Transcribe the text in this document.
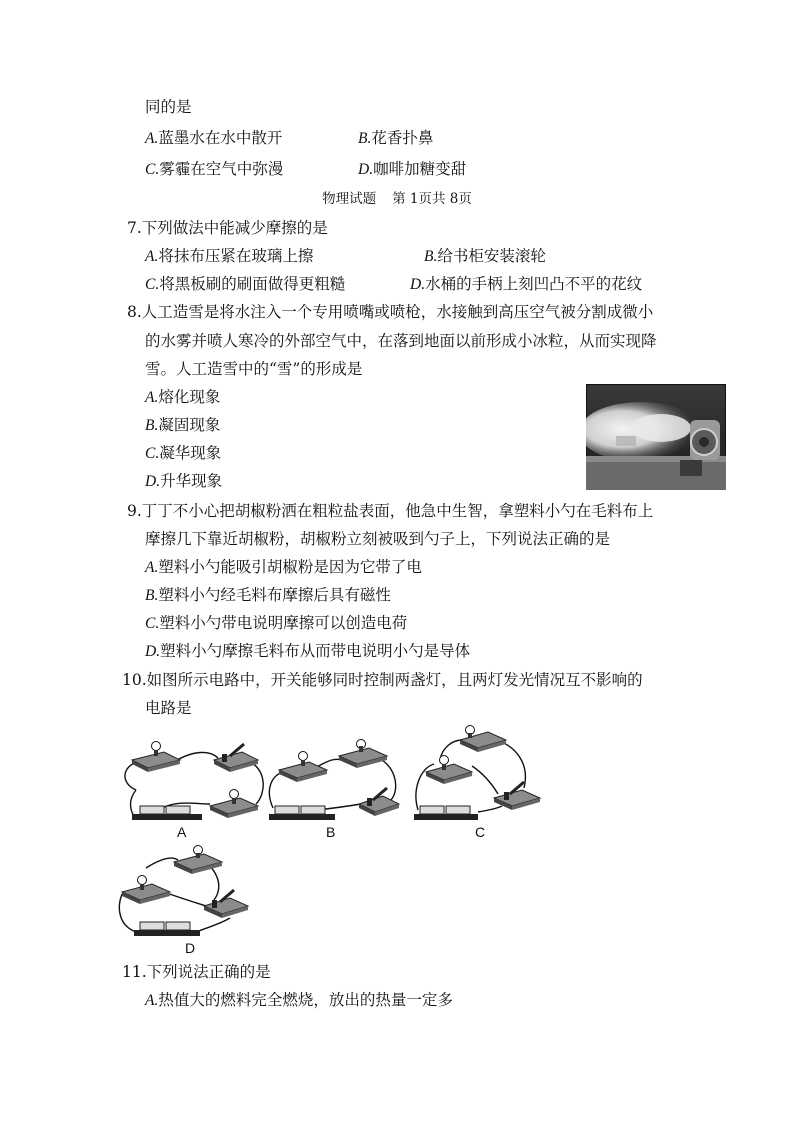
同的是
A.蓝墨水在水中散开	B.花香扑鼻
C.雾霾在空气中弥漫	D.咖啡加糖变甜
物理试题 第 1页共 8页
7.下列做法中能减少摩擦的是
A.将抹布压紧在玻璃上擦	B.给书柜安装滚轮
C.将黑板刷的刷面做得更粗糙	D.水桶的手柄上刻凹凸不平的花纹
8.人工造雪是将水注入一个专用喷嘴或喷枪，水接触到高压空气被分割成微小
的水雾并喷人寒冷的外部空气中，在落到地面以前形成小冰粒，从而实现降
雪。人工造雪中的“雪”的形成是
A.熔化现象
B.凝固现象
C.凝华现象
D.升华现象
9.丁丁不小心把胡椒粉洒在粗粒盐表面，他急中生智，拿塑料小勺在毛料布上
摩擦几下靠近胡椒粉，胡椒粉立刻被吸到勺子上，下列说法正确的是
A.塑料小勺能吸引胡椒粉是因为它带了电
B.塑料小勺经毛料布摩擦后具有磁性
C.塑料小勺带电说明摩擦可以创造电荷
D.塑料小勺摩擦毛料布从而带电说明小勺是导体
10.如图所示电路中，开关能够同时控制两盏灯，且两灯发光情况互不影响的
电路是
A	B	C
D
11.下列说法正确的是
A.热值大的燃料完全燃烧，放出的热量一定多
